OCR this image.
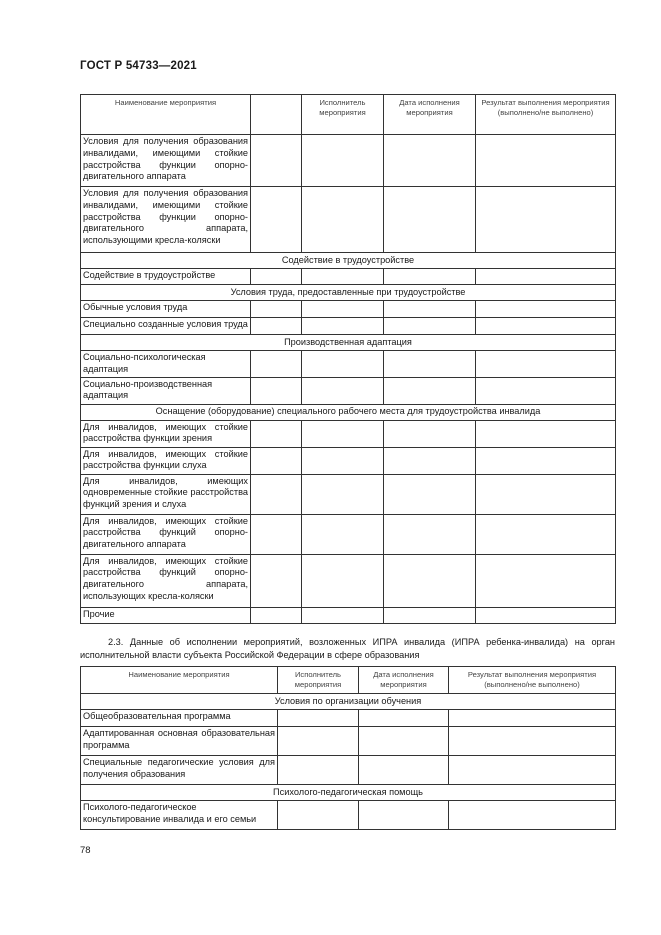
ГОСТ Р 54733—2021
Наименование мероприятия		Исполнитель мероприятия	Дата исполнения мероприятия	Результат выполнения мероприятия (выполнено/не выполнено)
Условия для получения образования инвалидами, имеющими стойкие расстройства функции опорно-двигательного аппарата				
Условия для получения образования инвалидами, имеющими стойкие расстройства функции опорно-двигательного аппарата, использующими кресла-коляски				
Содействие в трудоустройстве				
Содействие в трудоустройстве				
Условия труда, предоставленные при трудоустройстве				
Обычные условия труда				
Специально созданные условия труда				
Производственная адаптация				
Социально-психологическая адаптация				
Социально-производственная адаптация				
Оснащение (оборудование) специального рабочего места для трудоустройства инвалида				
Для инвалидов, имеющих стойкие расстройства функции зрения				
Для инвалидов, имеющих стойкие расстройства функции слуха				
Для инвалидов, имеющих одновременные стойкие расстройства функций зрения и слуха				
Для инвалидов, имеющих стойкие расстройства функций опорно-двигательного аппарата				
Для инвалидов, имеющих стойкие расстройства функций опорно-двигательного аппарата, использующих кресла-коляски				
Прочие				
2.3. Данные об исполнении мероприятий, возложенных ИПРА инвалида (ИПРА ребенка-инвалида) на орган исполнительной власти субъекта Российской Федерации в сфере образования
Наименование мероприятия	Исполнитель мероприятия	Дата исполнения мероприятия	Результат выполнения мероприятия (выполнено/не выполнено)
Условия по организации обучения			
Общеобразовательная программа			
Адаптированная основная образовательная программа			
Специальные педагогические условия для получения образования			
Психолого-педагогическая помощь			
Психолого-педагогическое консультирование инвалида и его семьи			
78
